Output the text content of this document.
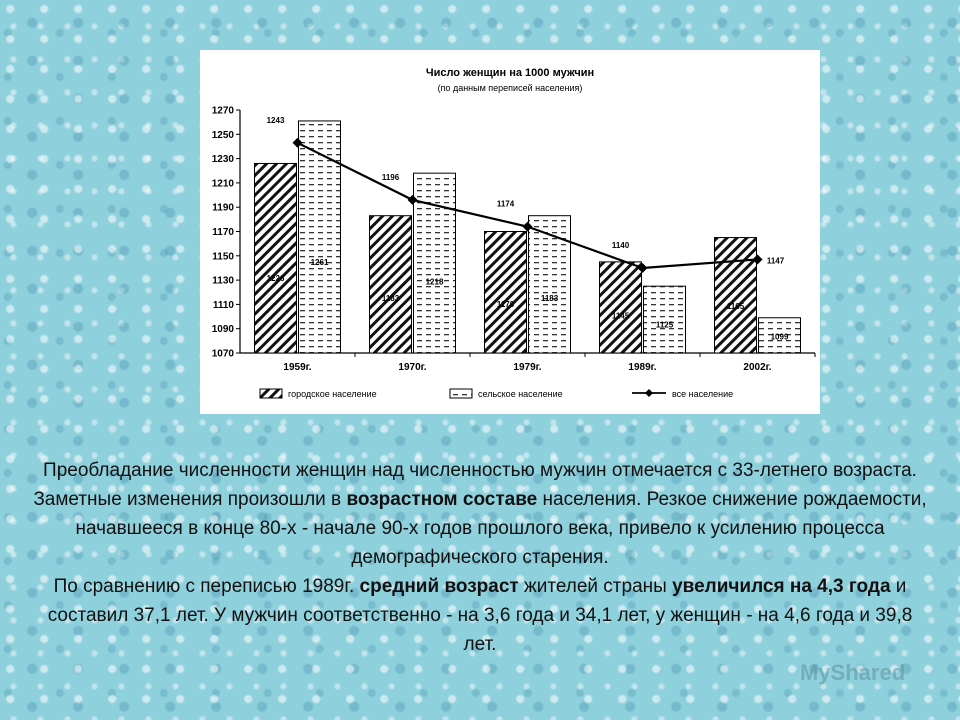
Число женщин на 1000 мужчин
(по данным переписей населения)
1070
1090
1110
1130
1150
1170
1190
1210
1230
1250
1270
1226
1261
1959г.
1183
1218
1970г.
1170
1183
1979г.
1145
1125
1989г.
1165
1099
2002г.
1243
1196
1174
1140
1147
городское население	сельское население	все население

Преобладание численности женщин над численностью мужчин отмечается с 33-летнего возраста.

Заметные изменения произошли в возрастном составе населения. Резкое снижение рождаемости, начавшееся в конце 80-х - начале 90-х годов прошлого века, привело к усилению процесса демографического старения.

По сравнению с переписью 1989г. средний возраст жителей страны увеличился на 4,3 года и составил 37,1 лет. У мужчин соответственно - на 3,6 года и 34,1 лет, у женщин - на 4,6 года и 39,8 лет.

MyShared
